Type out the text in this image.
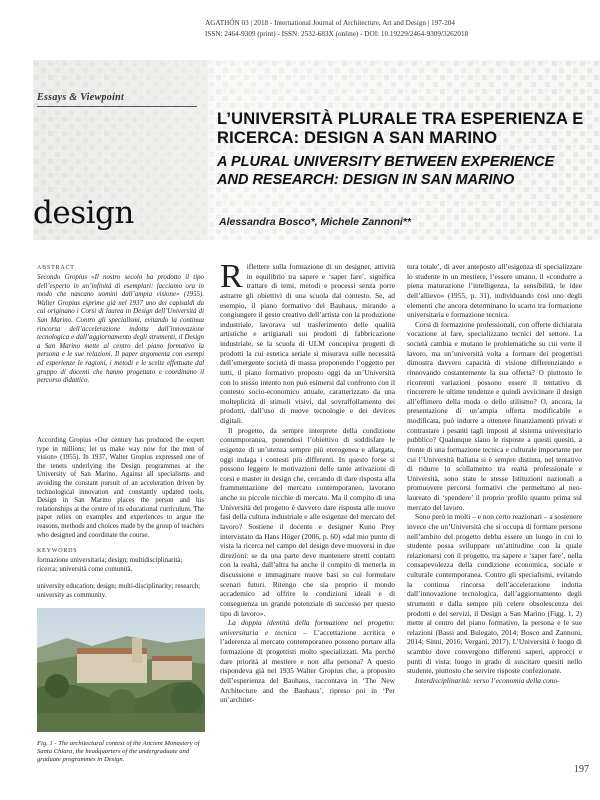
AGATHÓN 03 | 2018 - International Journal of Architecture, Art and Design | 197-204
ISSN: 2464-9309 (print) - ISSN: 2532-683X (online) - DOI: 10.19229/2464-9309/3262018
Essays & Viewpoint
design
L’UNIVERSITÀ PLURALE TRA ESPERIENZA E RICERCA: DESIGN A SAN MARINO
A PLURAL UNIVERSITY BETWEEN EXPERIENCE AND RESEARCH: DESIGN IN SAN MARINO
Alessandra Bosco*, Michele Zannoni**
ABSTRACT
Secondo Gropius «Il nostro secolo ha prodotto il tipo dell’esperto in un’infinità di esemplari: facciamo ora in modo che nascano uomini dall’ampia visione» (1955). Walter Gropius esprime già nel 1937 uno dei capisaldi da cui originano i Corsi di laurea in Design dell’Università di San Marino. Contro gli specialismi, evitando la continua rincorsa dell’accelerazione indotta dall’innovazione tecnologica e dall’aggiornamento degli strumenti, il Design a San Marino mette al centro del piano formativo la persona e le sue relazioni. Il paper argomenta con esempi ed esperienze le ragioni, i metodi e le scelte effettuate dal gruppo di docenti che hanno progettato e coordinano il percorso didattico.
According Gropius «Our century has produced the expert type in millions; let us make way now for the men of vision» (1955). In 1937, Walter Gropius expressed one of the tenets underlying the Design programmes at the University of San Marino. Against all specialisms and avoiding the constant pursuit of an acceleration driven by technological innovation and constantly updated tools, Design in San Marino places the person and his relationships at the centre of its educational curriculum. The paper relies on examples and experiences to argue the reasons, methods and choices made by the group of teachers who designed and coordinate the course.
KEYWORDS
formazione universitaria; design; multidisciplinarità; ricerca; università come comunità.
university education; design; multi-disciplinarity; research; university as community.
Fig. 1 - The architectural context of the Ancient Monastery of Santa Chiara, the headquarters of the undergraduate and graduate programmes in Design.

Riflettere sulla formazione di un designer, attività in equilibrio tra sapere e ‘saper fare’, significa trattare di temi, metodi e processi senza porre astrarre gli obiettivi di una scuola dal contesto. Se, ad esempio, il piano formativo del Bauhaus, mirando a congiungere il gesto creativo dell’artista con la produzione industriale, lavorava sul trasferimento delle qualità artistiche e artigianali sui prodotti di fabbricazione industriale, se la scuola di ULM concepiva progetti di prodotti la cui estetica seriale si misurava sulle necessità dell’emergente società di massa proponendo l’oggetto per tutti, il piano formativo proposto oggi da un’Università con lo stesso intento non può esimersi dal confronto con il contesto socio-economico attuale, caratterizzato da una molteplicità di stimoli visivi, dal sovraffollamento dei prodotti, dall’uso di nuove tecnologie e dei devices digitali.

Il progetto, da sempre interprete della condizione contemporanea, ponendosi l’obiettivo di soddisfare le esigenze di un’utenza sempre più eterogenea e allargata, oggi indaga i contesti più differenti. In questo forse si possono leggere le motivazioni delle tante attivazioni di corsi e master in design che, cercando di dare risposta alla frammentazione del mercato contemporaneo, lavorano anche su piccole nicchie di mercato. Ma il compito di una Università del progetto è davvero dare risposta alle nuove fasi della cultura industriale e alle esigenze del mercato del lavoro? Sostiene il docente e designer Kuno Prey intervistato da Hans Höger (2006, p. 60) «dal mio punto di vista la ricerca nel campo del design deve muoversi in due direzioni: se da una parte deve mantenere stretti contatti con la realtà, dall’altra ha anche il compito di metterla in discussione e immaginare nuove basi su cui formulare scenari futuri. Ritengo che sia proprio il mondo accademico ad offrire le condizioni ideali e di conseguenza un grande potenziale di successo per questo tipo di lavoro».

La doppia identità della formazione nel progetto: universitaria e tecnica – L’accettazione acritica e l’aderenza al mercato contemporaneo possono portare alla formazione di progettisti molto specializzati. Ma perché dare priorità al mestiere e non alla persona? A questo rispondeva già nel 1935 Walter Gropius che, a proposito dell’esperienza del Bauhaus, raccontava in ‘The New Architecture and the Bauhaus’, ripreso poi in ‘Per un’architet-

tura totale’, di aver anteposto all’esigenza di specializzare lo studente in un mestiere, l’essere umano, il «condurre a piena maturazione l’intelligenza, la sensibilità, le idee dell’allievo» (1955, p. 31), individuando così uno degli elementi che ancora determinano lo scarto tra formazione universitaria e formazione tecnica.

Corsi di formazione professionali, con offerte dichiarata vocazione al fare, specializzano tecnici del settore. La società cambia e mutano le problematiche su cui verte il lavoro, ma un’università volta a formare dei progettisti dimostra davvero capacità di visione differenziando e rinnovando costantemente la sua offerta? O piuttosto le ricorrenti variazioni possono essere il tentativo di rincorrere le ultime tendenze e quindi avvicinare il design all’effimero della moda o dello stilismo? O, ancora, la presentazione di un’ampia offerta modificabile e modificata, può indurre a ottenere finanziamenti privati e contrastare i pesanti tagli imposti al sistema universitario pubblico? Qualunque siano le risposte a questi quesiti, a fronte di una formazione tecnica e culturale importante per cui l’Università Italiana si è sempre distinta, nel tentativo di ridurre lo scollamento tra realtà professionale e Università, sono state le stesse Istituzioni nazionali a promuovere percorsi formativi che permettano al neo-laureato di ‘spendere’ il proprio profilo quanto prima sul mercato del lavoro.

Sono però in molti – e non certo reazionari – a sostenere invece che un’Università che si occupa di formare persone nell’ambito del progetto debba essere un luogo in cui lo studente possa sviluppare un’attitudine con la quale relazionarsi con il progetto, tra sapere e ‘saper fare’, nella consapevolezza della condizione economica, sociale e culturale contemporanea. Contro gli specialismi, evitando la continua rincorsa dell’accelerazione indotta dall’innovazione tecnologica, dall’aggiornamento degli strumenti e dalla sempre più celere obsolescenza dei prodotti e dei servizi, il Design a San Marino (Figg. 1, 2) mette al centro del piano formativo, la persona e le sue relazioni (Bassi and Bulegato, 2014; Bosco and Zannoni, 2014; Sinni, 2016; Vergani, 2017). L’Università è luogo di scambio dove convergono differenti saperi, approcci e punti di vista; luogo in grado di suscitare quesiti nello studente, piuttosto che servire risposte confezionate.

Interdisciplinarità: verso l’economia della cono-

197
